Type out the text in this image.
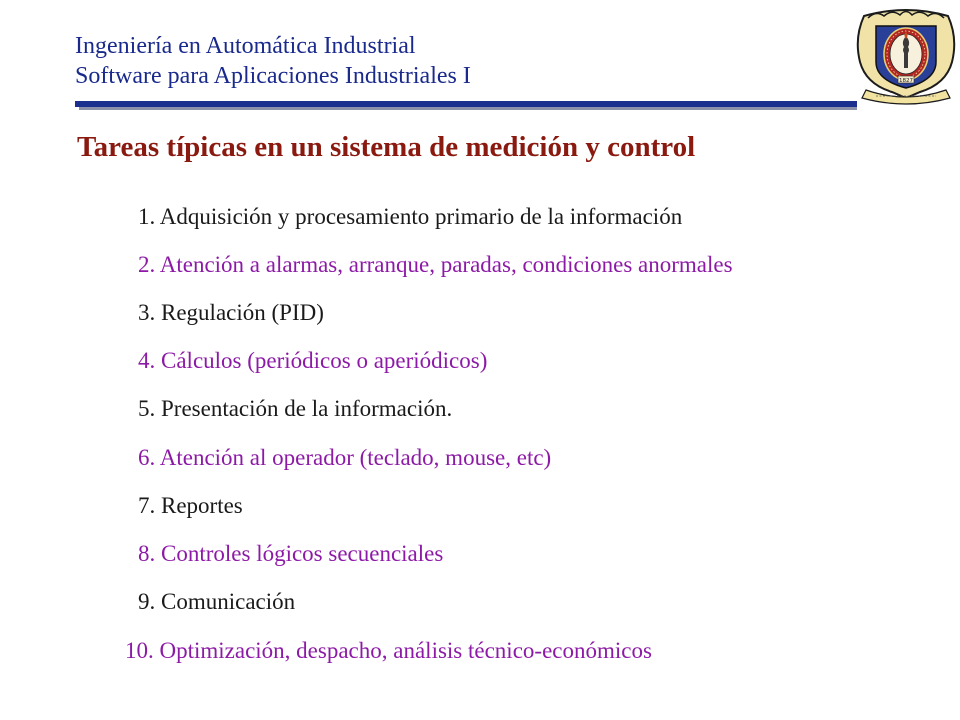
Ingeniería en Automática Industrial
Software para Aplicaciones Industriales I
Tareas típicas en un sistema de medición y control
1. Adquisición y procesamiento primario de la información
2. Atención a alarmas, arranque, paradas, condiciones anormales
3. Regulación (PID)
4. Cálculos (periódicos o aperiódicos)
5. Presentación de la información.
6. Atención al operador (teclado, mouse, etc)
7. Reportes
8. Controles lógicos secuenciales
9. Comunicación
10. Optimización, despacho, análisis técnico-económicos
1827
